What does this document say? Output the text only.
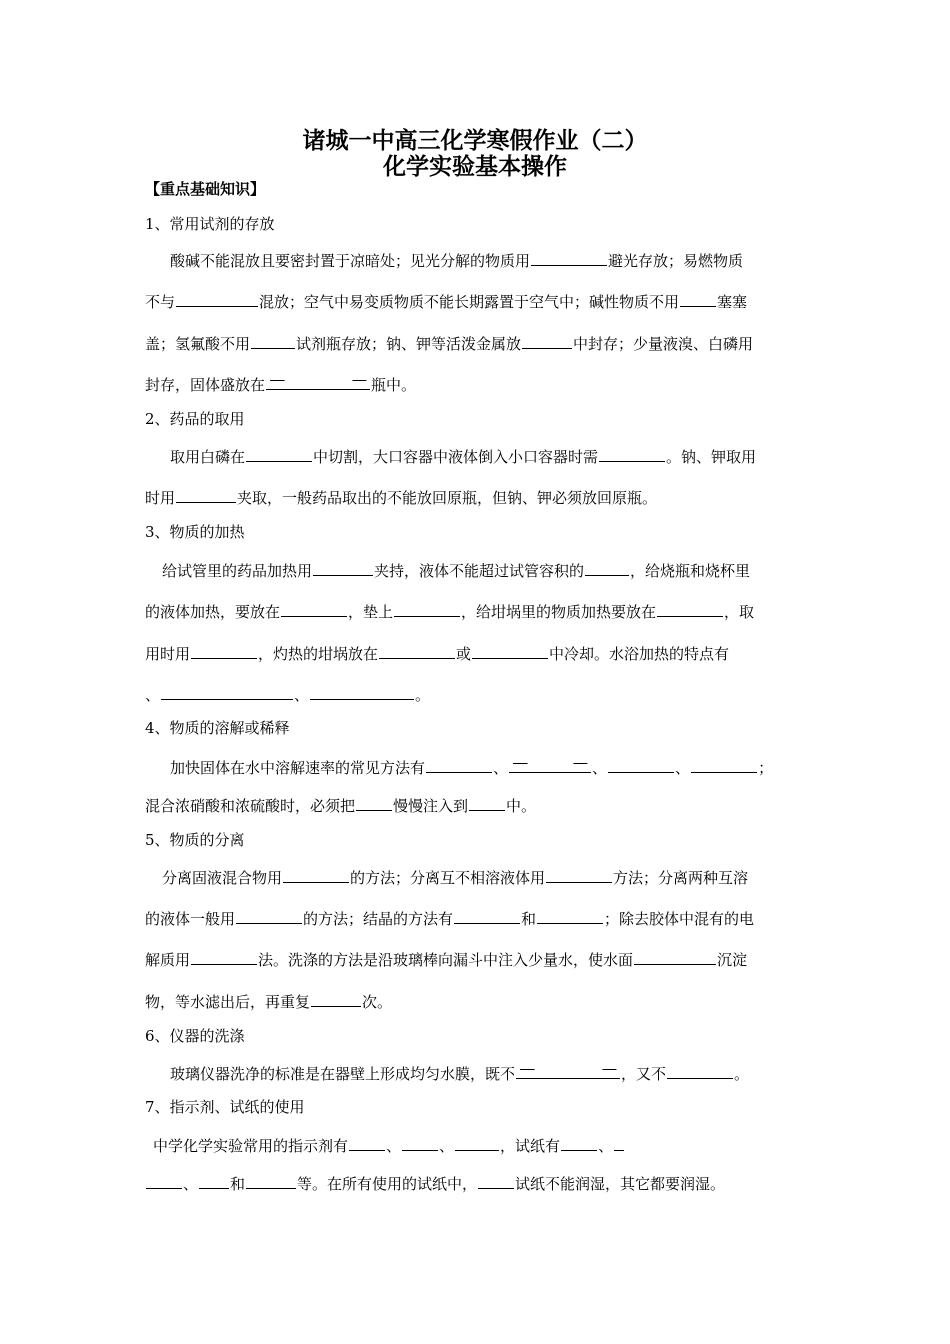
诸城一中高三化学寒假作业（二）
化学实验基本操作
【重点基础知识】
1、常用试剂的存放
酸碱不能混放且要密封置于凉暗处；见光分解的物质用	避光存放；易燃物质
不与	混放；空气中易变质物质不能长期露置于空气中；碱性物质不用	塞塞
盖；氢氟酸不用	试剂瓶存放；钠、钾等活泼金属放	中封存；少量液溴、白磷用
封存，固体盛放在	瓶中。
2、药品的取用
取用白磷在	中切割，大口容器中液体倒入小口容器时需	。钠、钾取用
时用	夹取，一般药品取出的不能放回原瓶，但钠、钾必须放回原瓶。
3、物质的加热
给试管里的药品加热用	夹持，液体不能超过试管容积的	，给烧瓶和烧杯里
的液体加热，要放在	，垫上	，给坩埚里的物质加热要放在	，取
用时用	，灼热的坩埚放在	或	中冷却。水浴加热的特点有
、	、	。
4、物质的溶解或稀释
加快固体在水中溶解速率的常见方法有	、	、	、	；
混合浓硝酸和浓硫酸时，必须把	慢慢注入到	中。
5、物质的分离
分离固液混合物用	的方法；分离互不相溶液体用	方法；分离两种互溶
的液体一般用	的方法；结晶的方法有	和	；除去胶体中混有的电
解质用	法。洗涤的方法是沿玻璃棒向漏斗中注入少量水，使水面	沉淀
物，等水滤出后，再重复	次。
6、仪器的洗涤
玻璃仪器洗净的标准是在器壁上形成均匀水膜，既不	，又不	。
7、指示剂、试纸的使用
中学化学实验常用的指示剂有	、	、	，试纸有	、
、 和	等。在所有使用的试纸中，	试纸不能润湿，其它都要润湿。
